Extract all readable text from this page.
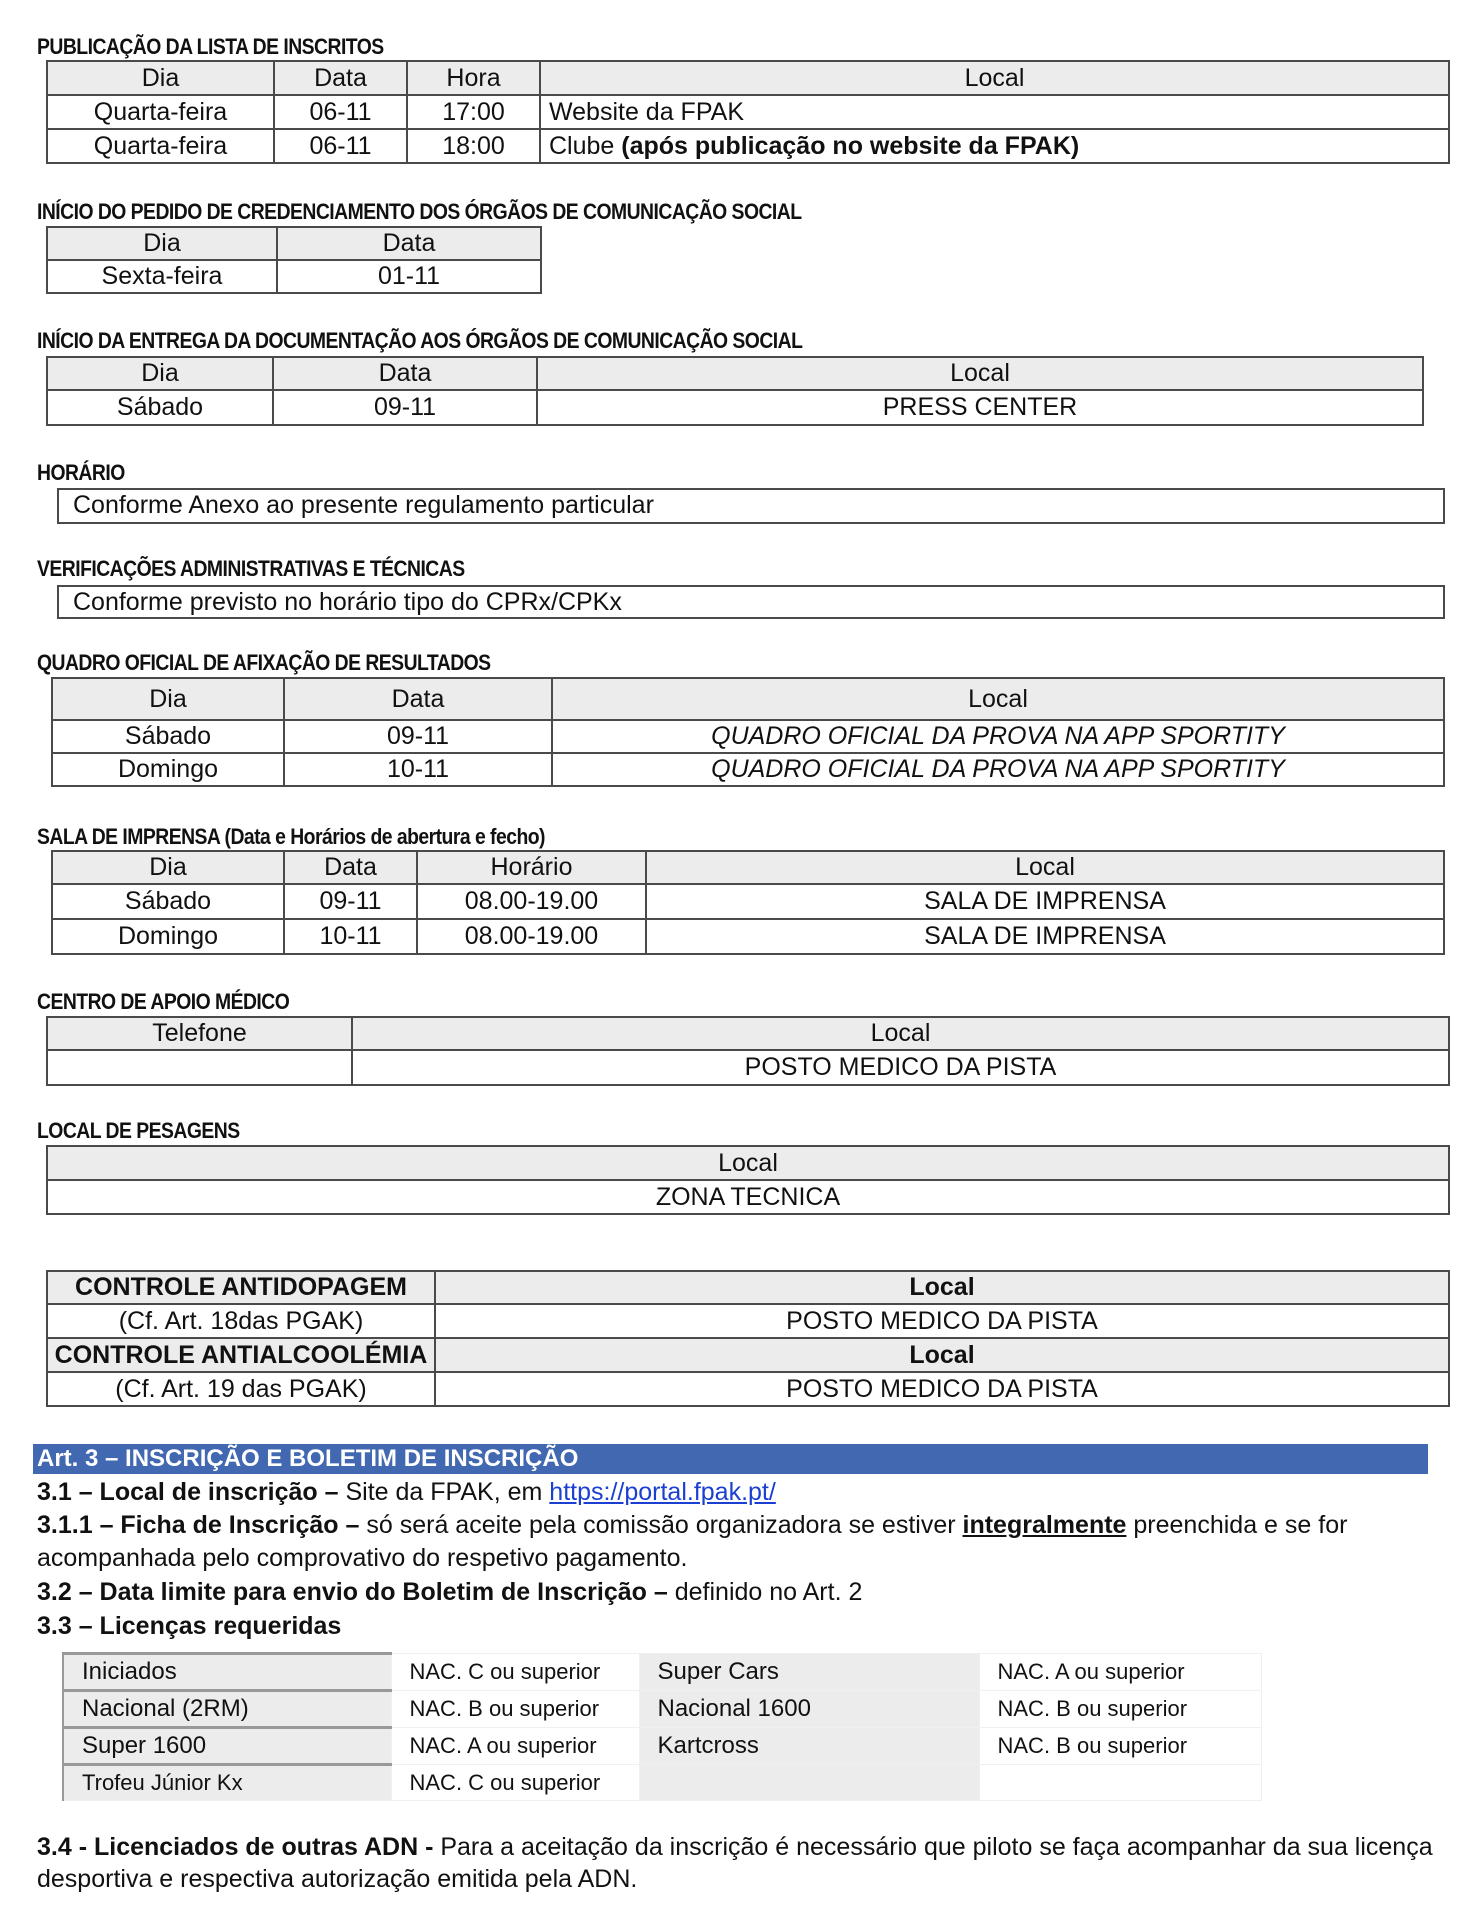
PUBLICAÇÃO DA LISTA DE INSCRITOS
Dia	Data	Hora	Local
Quarta-feira	06-11	17:00	Website da FPAK
Quarta-feira	06-11	18:00	Clube (após publicação no website da FPAK)
INÍCIO DO PEDIDO DE CREDENCIAMENTO DOS ÓRGÃOS DE COMUNICAÇÃO SOCIAL
Dia	Data
Sexta-feira	01-11
INÍCIO DA ENTREGA DA DOCUMENTAÇÃO AOS ÓRGÃOS DE COMUNICAÇÃO SOCIAL
Dia	Data	Local
Sábado	09-11	PRESS CENTER
HORÁRIO
Conforme Anexo ao presente regulamento particular
VERIFICAÇÕES ADMINISTRATIVAS E TÉCNICAS
Conforme previsto no horário tipo do CPRx/CPKx
QUADRO OFICIAL DE AFIXAÇÃO DE RESULTADOS
Dia	Data	Local
Sábado	09-11	QUADRO OFICIAL DA PROVA NA APP SPORTITY
Domingo	10-11	QUADRO OFICIAL DA PROVA NA APP SPORTITY
SALA DE IMPRENSA (Data e Horários de abertura e fecho)
Dia	Data	Horário	Local
Sábado	09-11	08.00-19.00	SALA DE IMPRENSA
Domingo	10-11	08.00-19.00	SALA DE IMPRENSA
CENTRO DE APOIO MÉDICO
Telefone	Local
	POSTO MEDICO DA PISTA
LOCAL DE PESAGENS
Local
ZONA TECNICA
CONTROLE ANTIDOPAGEM	Local
(Cf. Art. 18das PGAK)	POSTO MEDICO DA PISTA
CONTROLE ANTIALCOOLÉMIA	Local
(Cf. Art. 19 das PGAK)	POSTO MEDICO DA PISTA
Art. 3 – INSCRIÇÃO E BOLETIM DE INSCRIÇÃO
3.1 – Local de inscrição – Site da FPAK, em https://portal.fpak.pt/
3.1.1 – Ficha de Inscrição – só será aceite pela comissão organizadora se estiver integralmente preenchida e se for
acompanhada pelo comprovativo do respetivo pagamento.
3.2 – Data limite para envio do Boletim de Inscrição – definido no Art. 2
3.3 – Licenças requeridas
Iniciados	NAC. C ou superior	Super Cars	NAC. A ou superior
Nacional (2RM)	NAC. B ou superior	Nacional 1600	NAC. B ou superior
Super 1600	NAC. A ou superior	Kartcross	NAC. B ou superior
Trofeu Júnior Kx	NAC. C ou superior		
3.4 - Licenciados de outras ADN - Para a aceitação da inscrição é necessário que piloto se faça acompanhar da sua licença
desportiva e respectiva autorização emitida pela ADN.
